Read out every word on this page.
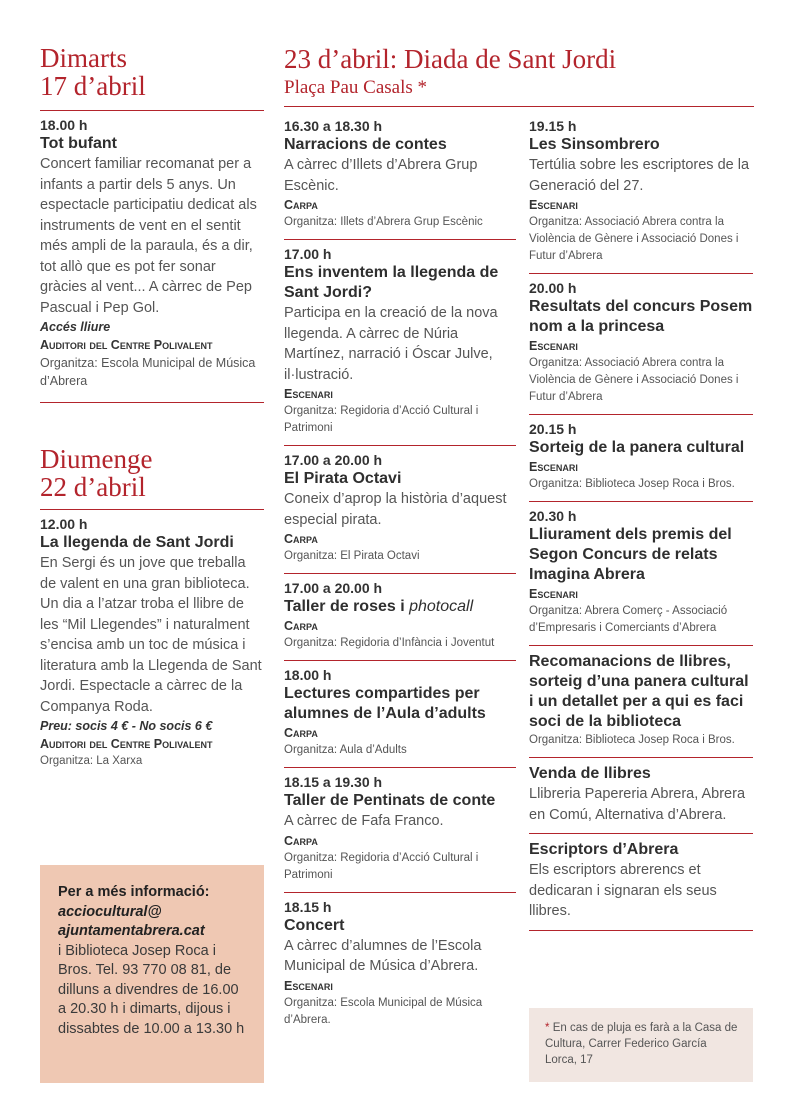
Dimarts
17 d’abril
18.00 h
Tot bufant
Concert familiar recomanat per a infants a partir dels 5 anys. Un espectacle participatiu dedicat als instruments de vent en el sentit més ampli de la paraula, és a dir, tot allò que es pot fer sonar gràcies al vent... A càrrec de Pep Pascual i Pep Gol.
Accés lliure
Auditori del Centre Polivalent
Organitza: Escola Municipal de Música d’Abrera
Diumenge
22 d’abril
12.00 h
La llegenda de Sant Jordi
En Sergi és un jove que treballa de valent en una gran biblioteca. Un dia a l’atzar troba el llibre de les “Mil Llegendes” i naturalment s’encisa amb un toc de música i literatura amb la Llegenda de Sant Jordi. Espectacle a càrrec de la Companya Roda.
Preu: socis 4 € - No socis 6 €
Auditori del Centre Polivalent
Organitza: La Xarxa
Per a més informació:
acciocultural@
ajuntamentabrera.cat
i Biblioteca Josep Roca i Bros. Tel. 93 770 08 81, de dilluns a divendres de 16.00 a 20.30 h i dimarts, dijous i dissabtes de 10.00 a 13.30 h
23 d’abril: Diada de Sant Jordi
Plaça Pau Casals *
16.30 a 18.30 h
Narracions de contes
A càrrec d’Illets d’Abrera Grup Escènic.
Carpa
Organitza: Illets d’Abrera Grup Escènic
17.00 h
Ens inventem la llegenda de Sant Jordi?
Participa en la creació de la nova llegenda. A càrrec de Núria Martínez, narració i Óscar Julve, il·lustració.
Escenari
Organitza: Regidoria d’Acció Cultural i Patrimoni
17.00 a 20.00 h
El Pirata Octavi
Coneix d’aprop la història d’aquest especial pirata.
Carpa
Organitza: El Pirata Octavi
17.00 a 20.00 h
Taller de roses i photocall
Carpa
Organitza: Regidoria d’Infància i Joventut
18.00 h
Lectures compartides per alumnes de l’Aula d’adults
Carpa
Organitza: Aula d’Adults
18.15 a 19.30 h
Taller de Pentinats de conte
A càrrec de Fafa Franco.
Carpa
Organitza: Regidoria d’Acció Cultural i Patrimoni
18.15 h
Concert
A càrrec d’alumnes de l’Escola Municipal de Música d’Abrera.
Escenari
Organitza: Escola Municipal de Música d’Abrera.
19.15 h
Les Sinsombrero
Tertúlia sobre les escriptores de la Generació del 27.
Escenari
Organitza: Associació Abrera contra la Violència de Gènere i Associació Dones i Futur d’Abrera
20.00 h
Resultats del concurs Posem nom a la princesa
Escenari
Organitza: Associació Abrera contra la Violència de Gènere i Associació Dones i Futur d’Abrera
20.15 h
Sorteig de la panera cultural
Escenari
Organitza: Biblioteca Josep Roca i Bros.
20.30 h
Lliurament dels premis del Segon Concurs de relats Imagina Abrera
Escenari
Organitza: Abrera Comerç - Associació d’Empresaris i Comerciants d’Abrera
Recomanacions de llibres, sorteig d’una panera cultural i un detallet per a qui es faci soci de la biblioteca
Organitza: Biblioteca Josep Roca i Bros.
Venda de llibres
Llibreria Papereria Abrera, Abrera en Comú, Alternativa d’Abrera.
Escriptors d’Abrera
Els escriptors abrerencs et dedicaran i signaran els seus llibres.
* En cas de pluja es farà a la Casa de Cultura, Carrer Federico García Lorca, 17
